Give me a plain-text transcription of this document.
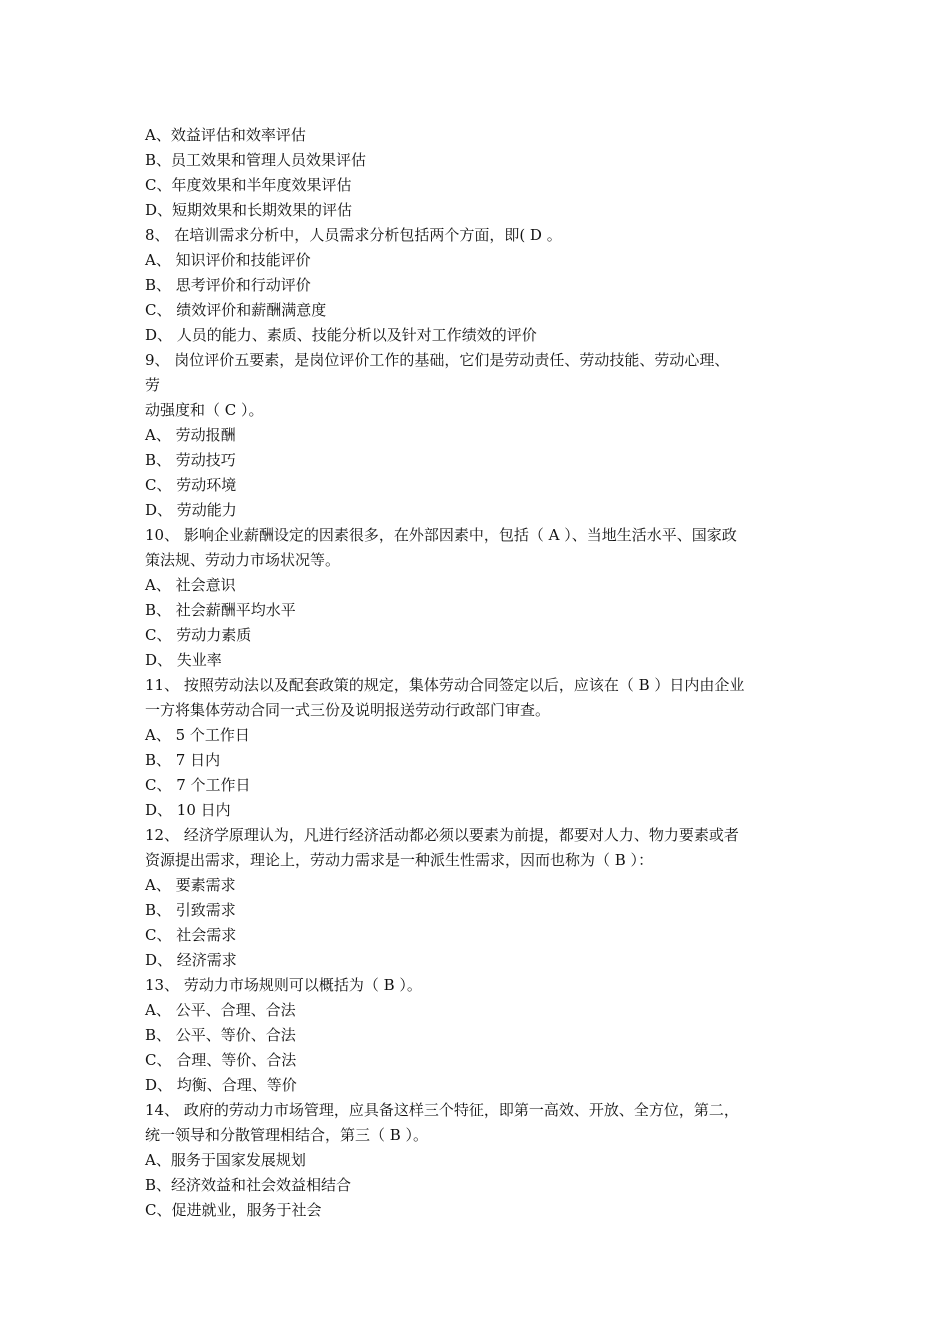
A、效益评估和效率评估
B、员工效果和管理人员效果评估
C、年度效果和半年度效果评估
D、短期效果和长期效果的评估
8、 在培训需求分析中，人员需求分析包括两个方面，即( D 。
A、 知识评价和技能评价
B、 思考评价和行动评价
C、 绩效评价和薪酬满意度
D、 人员的能力、素质、技能分析以及针对工作绩效的评价
9、 岗位评价五要素，是岗位评价工作的基础，它们是劳动责任、劳动技能、劳动心理、
劳
动强度和（ C ）。
A、 劳动报酬
B、 劳动技巧
C、 劳动环境
D、 劳动能力
10、 影响企业薪酬设定的因素很多，在外部因素中，包括（ A ）、当地生活水平、国家政
策法规、劳动力市场状况等。
A、 社会意识
B、 社会薪酬平均水平
C、 劳动力素质
D、 失业率
11、 按照劳动法以及配套政策的规定，集体劳动合同签定以后，应该在（ B ）日内由企业
一方将集体劳动合同一式三份及说明报送劳动行政部门审查。
A、 5 个工作日
B、 7 日内
C、 7 个工作日
D、 10 日内
12、 经济学原理认为，凡进行经济活动都必须以要素为前提，都要对人力、物力要素或者
资源提出需求，理论上，劳动力需求是一种派生性需求，因而也称为（ B ）：
A、 要素需求
B、 引致需求
C、 社会需求
D、 经济需求
13、 劳动力市场规则可以概括为（ B ）。
A、 公平、合理、合法
B、 公平、等价、合法
C、 合理、等价、合法
D、 均衡、合理、等价
14、 政府的劳动力市场管理，应具备这样三个特征，即第一高效、开放、全方位，第二，
统一领导和分散管理相结合，第三（ B ）。
A、服务于国家发展规划
B、经济效益和社会效益相结合
C、促进就业，服务于社会
